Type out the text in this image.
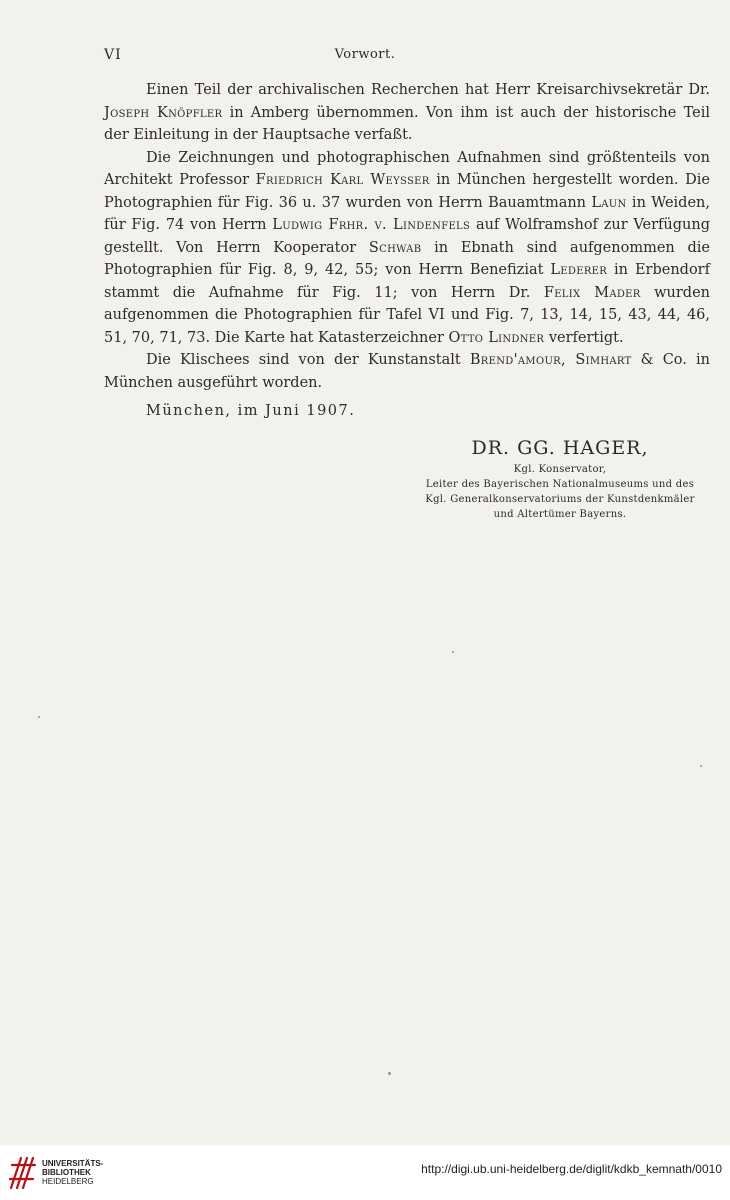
VI	Vorwort.

Einen Teil der archivalischen Recherchen hat Herr Kreisarchivsekretär Dr. Joseph Knöpfler in Amberg übernommen. Von ihm ist auch der historische Teil der Einleitung in der Hauptsache verfaßt.

Die Zeichnungen und photographischen Aufnahmen sind größtenteils von Architekt Professor Friedrich Karl Weysser in München hergestellt worden. Die Photographien für Fig. 36 u. 37 wurden von Herrn Bauamtmann Laun in Weiden, für Fig. 74 von Herrn Ludwig Frhr. v. Lindenfels auf Wolframshof zur Verfügung gestellt. Von Herrn Kooperator Schwab in Ebnath sind aufgenommen die Photographien für Fig. 8, 9, 42, 55; von Herrn Benefiziat Lederer in Erbendorf stammt die Aufnahme für Fig. 11; von Herrn Dr. Felix Mader wurden aufgenommen die Photographien für Tafel VI und Fig. 7, 13, 14, 15, 43, 44, 46, 51, 70, 71, 73. Die Karte hat Katasterzeichner Otto Lindner verfertigt.

Die Klischees sind von der Kunstanstalt Brend'amour, Simhart & Co. in München ausgeführt worden.

München, im Juni 1907.
DR. GG. HAGER,
Kgl. Konservator,
Leiter des Bayerischen Nationalmuseums und des
Kgl. Generalkonservatoriums der Kunstdenkmäler
und Altertümer Bayerns.
UNIVERSITÄTS-
BIBLIOTHEK
HEIDELBERG
http://digi.ub.uni-heidelberg.de/diglit/kdkb_kemnath/0010
